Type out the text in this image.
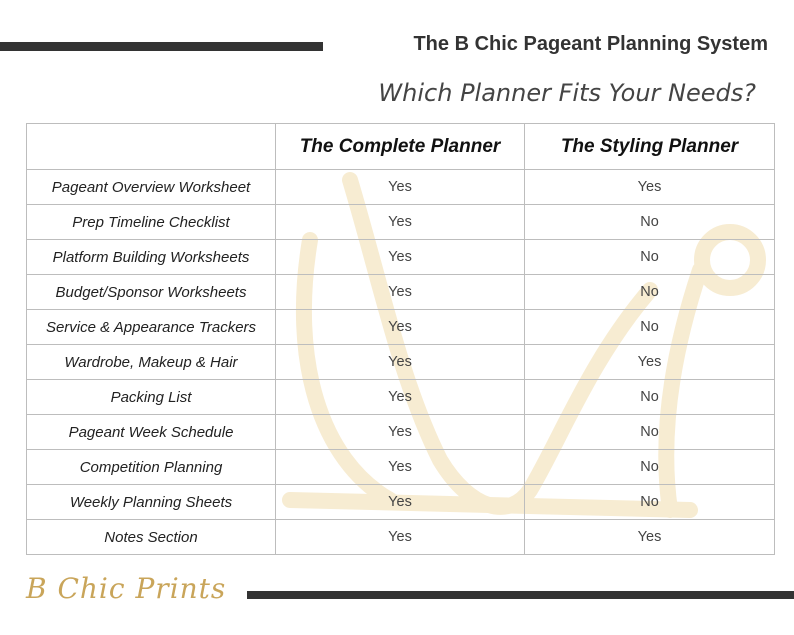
The B Chic Pageant Planning System
Which Planner Fits Your Needs?
	The Complete Planner	The Styling Planner
Pageant Overview Worksheet	Yes	Yes
Prep Timeline Checklist	Yes	No
Platform Building Worksheets	Yes	No
Budget/Sponsor Worksheets	Yes	No
Service & Appearance Trackers	Yes	No
Wardrobe, Makeup & Hair	Yes	Yes
Packing List	Yes	No
Pageant Week Schedule	Yes	No
Competition Planning	Yes	No
Weekly Planning Sheets	Yes	No
Notes Section	Yes	Yes
B Chic Prints
